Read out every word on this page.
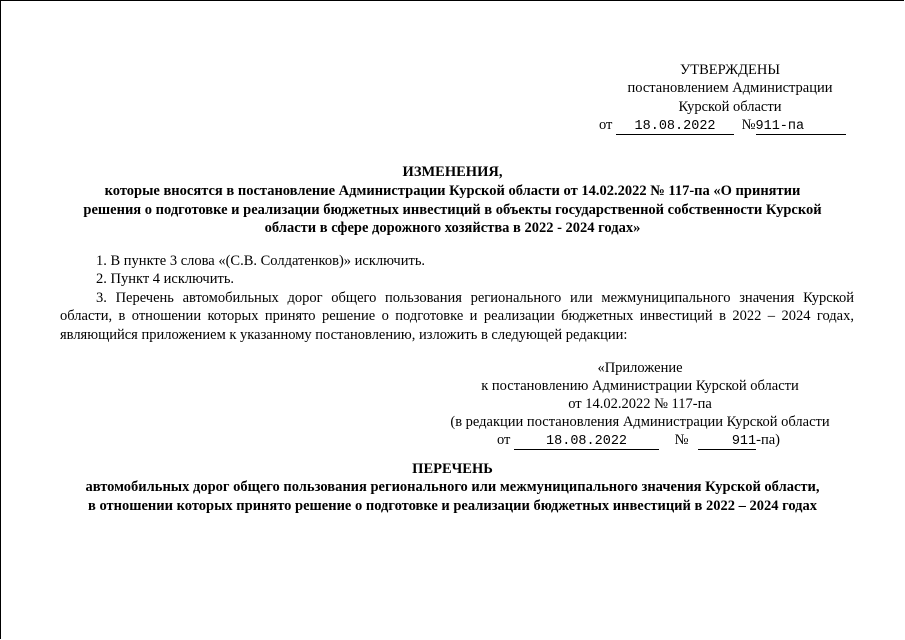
УТВЕРЖДЕНЫ
постановлением Администрации
Курской области
от 18.08.2022 №911-па
ИЗМЕНЕНИЯ,
которые вносятся в постановление Администрации Курской области от 14.02.2022 № 117-па «О принятии
решения о подготовке и реализации бюджетных инвестиций в объекты государственной собственности Курской
области в сфере дорожного хозяйства в 2022 - 2024 годах»
1. В пункте 3 слова «(С.В. Солдатенков)» исключить.
2. Пункт 4 исключить.
3. Перечень автомобильных дорог общего пользования регионального или межмуниципального значения Курской
области, в отношении которых принято решение о подготовке и реализации бюджетных инвестиций в 2022 – 2024 годах,
являющийся приложением к указанному постановлению, изложить в следующей редакции:
«Приложение
к постановлению Администрации Курской области
от 14.02.2022 № 117-па
(в редакции постановления Администрации Курской области
от	18.08.2022	№	911-па)
ПЕРЕЧЕНЬ
автомобильных дорог общего пользования регионального или межмуниципального значения Курской области,
в отношении которых принято решение о подготовке и реализации бюджетных инвестиций в 2022 – 2024 годах
